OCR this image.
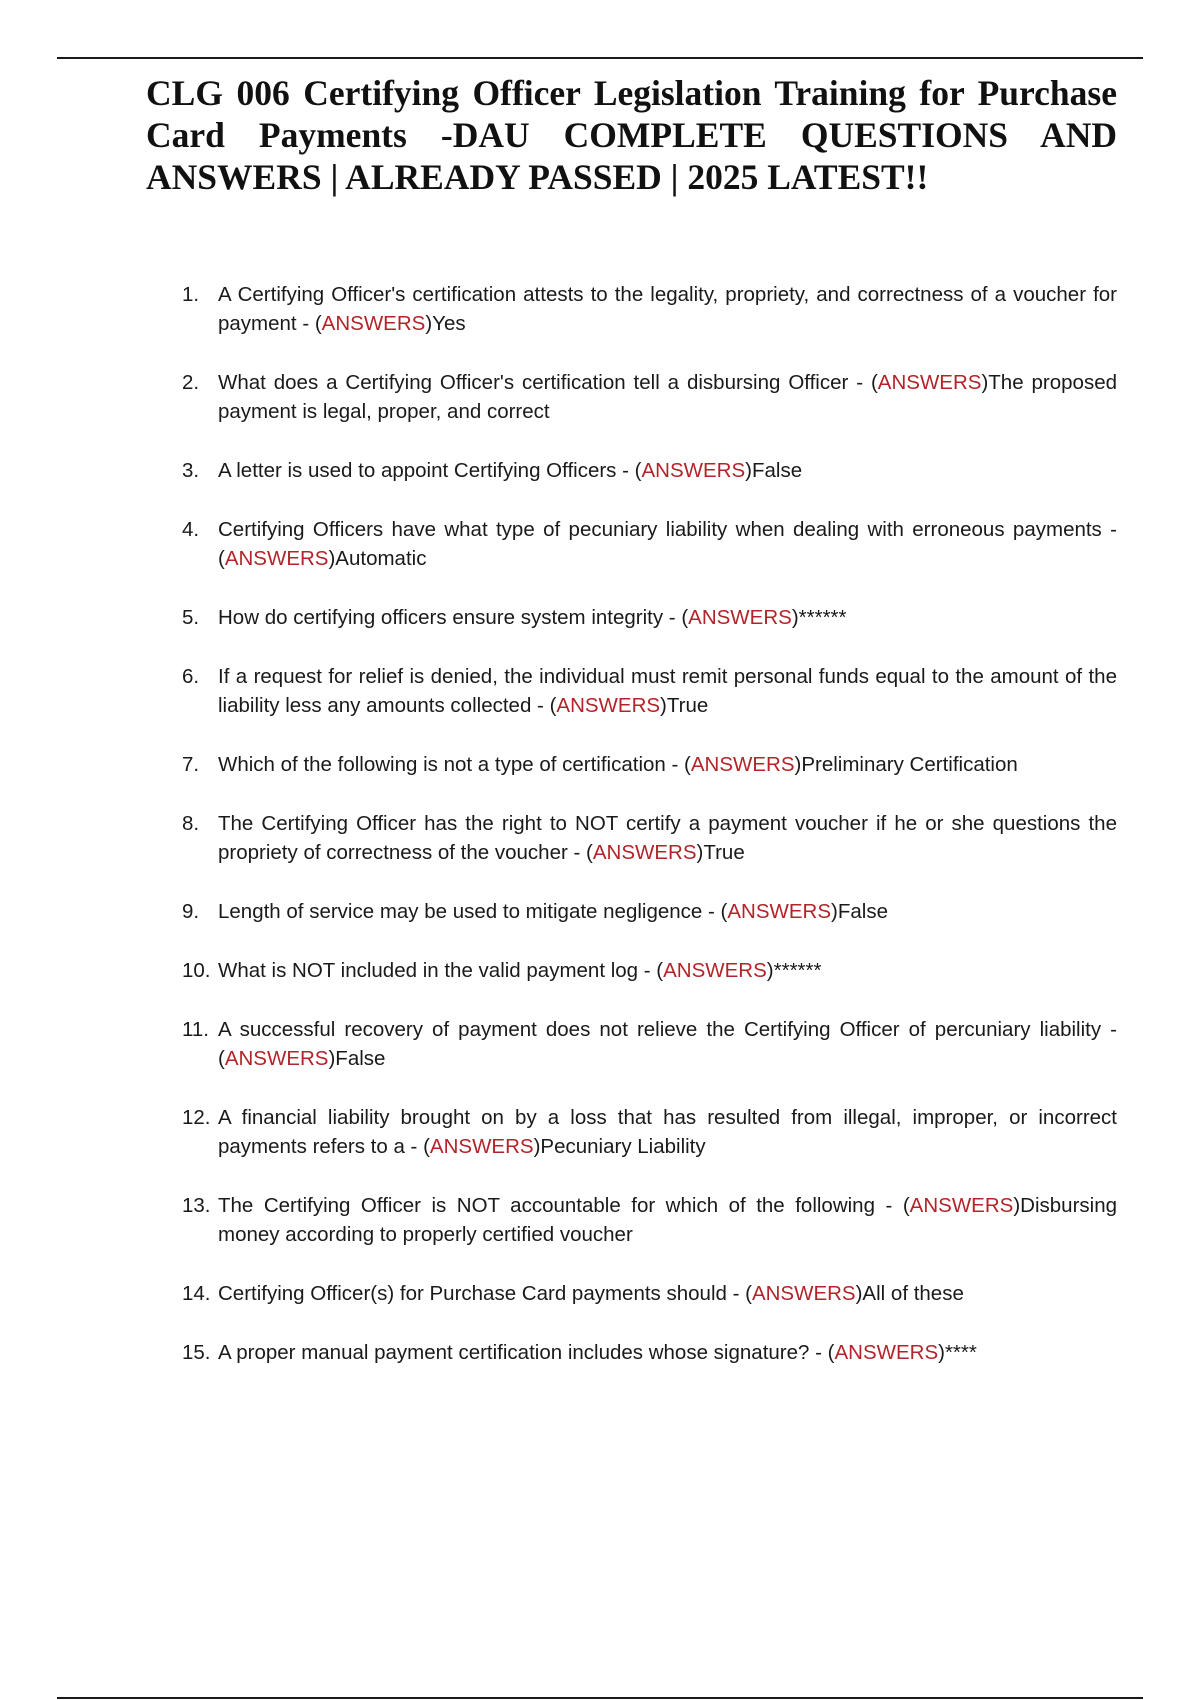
CLG 006 Certifying Officer Legislation Training for Purchase Card Payments -DAU COMPLETE QUESTIONS AND ANSWERS | ALREADY PASSED | 2025 LATEST!!
1. A Certifying Officer's certification attests to the legality, propriety, and correctness of a voucher for payment - (ANSWERS)Yes
2. What does a Certifying Officer's certification tell a disbursing Officer - (ANSWERS)The proposed payment is legal, proper, and correct
3. A letter is used to appoint Certifying Officers - (ANSWERS)False
4. Certifying Officers have what type of pecuniary liability when dealing with erroneous payments - (ANSWERS)Automatic
5. How do certifying officers ensure system integrity - (ANSWERS)******
6. If a request for relief is denied, the individual must remit personal funds equal to the amount of the liability less any amounts collected - (ANSWERS)True
7. Which of the following is not a type of certification - (ANSWERS)Preliminary Certification
8. The Certifying Officer has the right to NOT certify a payment voucher if he or she questions the propriety of correctness of the voucher - (ANSWERS)True
9. Length of service may be used to mitigate negligence - (ANSWERS)False
10. What is NOT included in the valid payment log - (ANSWERS)******
11. A successful recovery of payment does not relieve the Certifying Officer of percuniary liability - (ANSWERS)False
12. A financial liability brought on by a loss that has resulted from illegal, improper, or incorrect payments refers to a - (ANSWERS)Pecuniary Liability
13. The Certifying Officer is NOT accountable for which of the following - (ANSWERS)Disbursing money according to properly certified voucher
14. Certifying Officer(s) for Purchase Card payments should - (ANSWERS)All of these
15. A proper manual payment certification includes whose signature? - (ANSWERS)****
